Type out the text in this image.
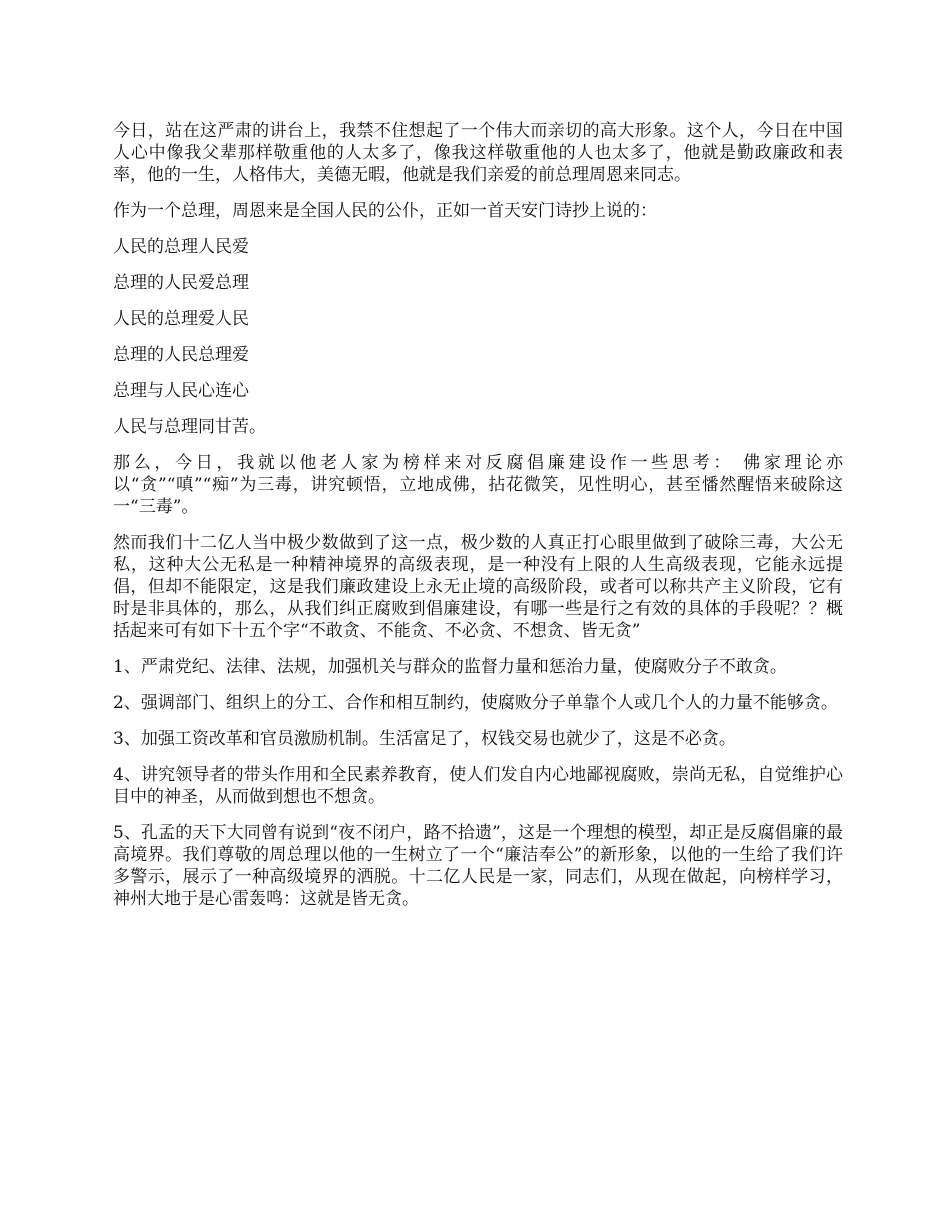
今日，站在这严肃的讲台上，我禁不住想起了一个伟大而亲切的高大形象。这个人，今日在中国人心中像我父辈那样敬重他的人太多了，像我这样敬重他的人也太多了，他就是勤政廉政和表率，他的一生，人格伟大，美德无暇，他就是我们亲爱的前总理周恩来同志。

作为一个总理，周恩来是全国人民的公仆，正如一首天安门诗抄上说的：

人民的总理人民爱

总理的人民爱总理

人民的总理爱人民

总理的人民总理爱

总理与人民心连心

人民与总理同甘苦。

那么，今日，我就以他老人家为榜样来对反腐倡廉建设作一些思考： 佛家理论亦以“贪”“嗔”“痴”为三毒，讲究顿悟，立地成佛，拈花微笑，见性明心，甚至憣然醒悟来破除这一“三毒”。

然而我们十二亿人当中极少数做到了这一点，极少数的人真正打心眼里做到了破除三毒，大公无私，这种大公无私是一种精神境界的高级表现，是一种没有上限的人生高级表现，它能永远提倡，但却不能限定，这是我们廉政建设上永无止境的高级阶段，或者可以称共产主义阶段，它有时是非具体的，那么，从我们纠正腐败到倡廉建设，有哪一些是行之有效的具体的手段呢？？概括起来可有如下十五个字“不敢贪、不能贪、不必贪、不想贪、皆无贪”

1、严肃党纪、法律、法规，加强机关与群众的监督力量和惩治力量，使腐败分子不敢贪。

2、强调部门、组织上的分工、合作和相互制约，使腐败分子单靠个人或几个人的力量不能够贪。

3、加强工资改革和官员激励机制。生活富足了，权钱交易也就少了，这是不必贪。

4、讲究领导者的带头作用和全民素养教育，使人们发自内心地鄙视腐败，崇尚无私，自觉维护心目中的神圣，从而做到想也不想贪。

5、孔孟的天下大同曾有说到“夜不闭户，路不拾遗”，这是一个理想的模型，却正是反腐倡廉的最高境界。我们尊敬的周总理以他的一生树立了一个“廉洁奉公”的新形象，以他的一生给了我们许多警示，展示了一种高级境界的洒脱。十二亿人民是一家，同志们，从现在做起，向榜样学习，神州大地于是心雷轰鸣：这就是皆无贪。
